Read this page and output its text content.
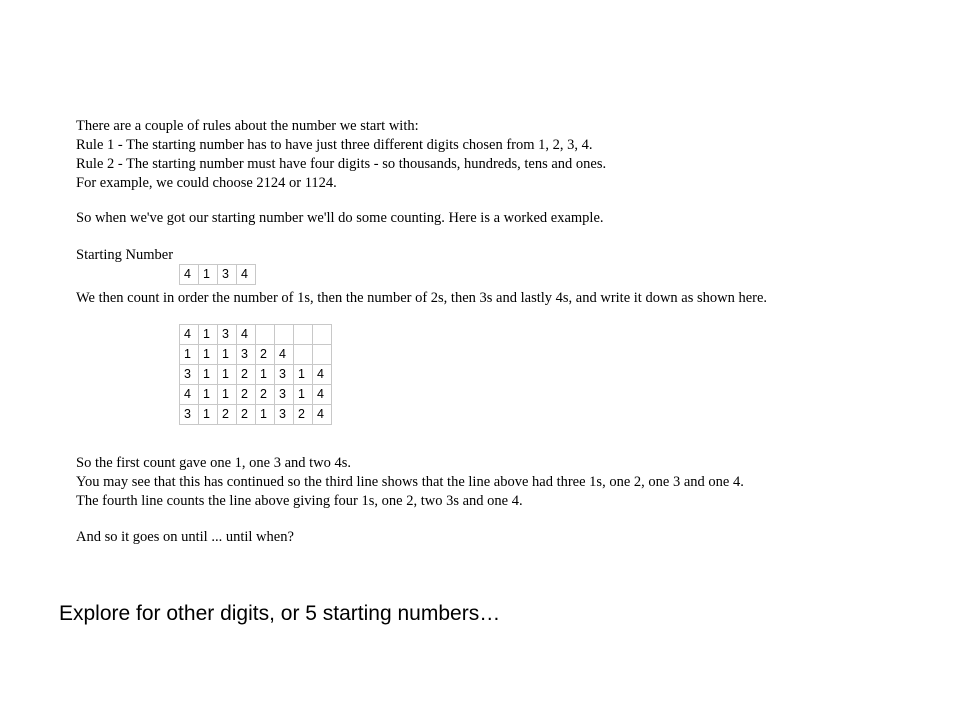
There are a couple of rules about the number we start with:
Rule 1 - The starting number has to have just three different digits chosen from 1, 2, 3, 4.
Rule 2 - The starting number must have four digits - so thousands, hundreds, tens and ones.
For example, we could choose 2124 or 1124.
So when we've got our starting number we'll do some counting. Here is a worked example.
Starting Number
4	1	3	4
We then count in order the number of 1s, then the number of 2s, then 3s and lastly 4s, and write it down as shown here.
4	1	3	4				
1	1	1	3	2	4		
3	1	1	2	1	3	1	4
4	1	1	2	2	3	1	4
3	1	2	2	1	3	2	4
So the first count gave one 1, one 3 and two 4s.
You may see that this has continued so the third line shows that the line above had three 1s, one 2, one 3 and one 4.
The fourth line counts the line above giving four 1s, one 2, two 3s and one 4.
And so it goes on until ... until when?
Explore for other digits, or 5 starting numbers…
